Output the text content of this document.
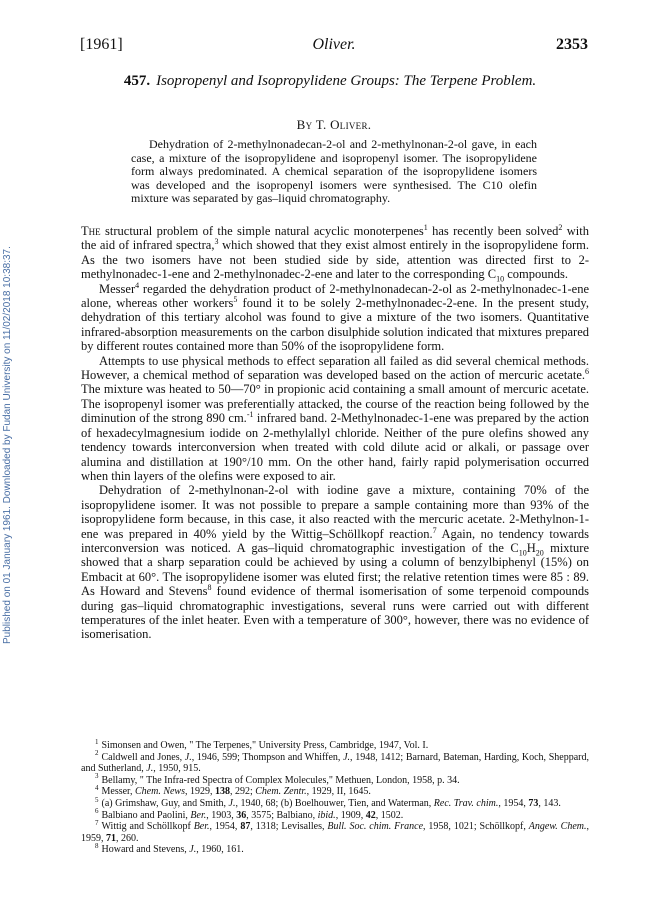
Published on 01 January 1961. Downloaded by Fudan University on 11/02/2018 10:38:37.
[1961]	Oliver.	2353
457. Isopropenyl and Isopropylidene Groups: The Terpene Problem.
By T. Oliver.

Dehydration of 2-methylnonadecan-2-ol and 2-methylnonan-2-ol gave, in each case, a mixture of the isopropylidene and isopropenyl isomer. The isopropylidene form always predominated. A chemical separation of the isopropylidene isomers was developed and the isopropenyl isomers were synthesised. The C10 olefin mixture was separated by gas–liquid chromatography.

The structural problem of the simple natural acyclic monoterpenes$^1$ has recently been solved$^2$ with the aid of infrared spectra,$^3$ which showed that they exist almost entirely in the isopropylidene form. As the two isomers have not been studied side by side, attention was directed first to 2-methylnonadec-1-ene and 2-methylnonadec-2-ene and later to the corresponding $C_{10}$ compounds.

Messer$^4$ regarded the dehydration product of 2-methylnonadecan-2-ol as 2-methylnonadec-1-ene alone, whereas other workers$^5$ found it to be solely 2-methylnonadec-2-ene. In the present study, dehydration of this tertiary alcohol was found to give a mixture of the two isomers. Quantitative infrared-absorption measurements on the carbon disulphide solution indicated that mixtures prepared by different routes contained more than 50% of the isopropylidene form.

Attempts to use physical methods to effect separation all failed as did several chemical methods. However, a chemical method of separation was developed based on the action of mercuric acetate.$^6$ The mixture was heated to 50—70° in propionic acid containing a small amount of mercuric acetate. The isopropenyl isomer was preferentially attacked, the course of the reaction being followed by the diminution of the strong 890 cm.$^{-1}$ infrared band. 2-Methylnonadec-1-ene was prepared by the action of hexadecylmagnesium iodide on 2-methylallyl chloride. Neither of the pure olefins showed any tendency towards interconversion when treated with cold dilute acid or alkali, or passage over alumina and distillation at 190°/10 mm. On the other hand, fairly rapid polymerisation occurred when thin layers of the olefins were exposed to air.

Dehydration of 2-methylnonan-2-ol with iodine gave a mixture, containing 70% of the isopropylidene isomer. It was not possible to prepare a sample containing more than 93% of the isopropylidene form because, in this case, it also reacted with the mercuric acetate. 2-Methylnon-1-ene was prepared in 40% yield by the Wittig–Schöllkopf reaction.$^7$ Again, no tendency towards interconversion was noticed. A gas–liquid chromatographic investigation of the $C_{10}H_{20}$ mixture showed that a sharp separation could be achieved by using a column of benzylbiphenyl (15%) on Embacit at 60°. The isopropylidene isomer was eluted first; the relative retention times were 85 : 89. As Howard and Stevens$^8$ found evidence of thermal isomerisation of some terpenoid compounds during gas–liquid chromatographic investigations, several runs were carried out with different temperatures of the inlet heater. Even with a temperature of 300°, however, there was no evidence of isomerisation.

$^1$ Simonsen and Owen, " The Terpenes," University Press, Cambridge, 1947, Vol. I.

$^2$ Caldwell and Jones, J., 1946, 599; Thompson and Whiffen, J., 1948, 1412; Barnard, Bateman, Harding, Koch, Sheppard, and Sutherland, J., 1950, 915.

$^3$ Bellamy, " The Infra-red Spectra of Complex Molecules," Methuen, London, 1958, p. 34.

$^4$ Messer, Chem. News, 1929, 138, 292; Chem. Zentr., 1929, II, 1645.

$^5$ (a) Grimshaw, Guy, and Smith, J., 1940, 68; (b) Boelhouwer, Tien, and Waterman, Rec. Trav. chim., 1954, 73, 143.

$^6$ Balbiano and Paolini, Ber., 1903, 36, 3575; Balbiano, ibid., 1909, 42, 1502.

$^7$ Wittig and Schöllkopf Ber., 1954, 87, 1318; Levisalles, Bull. Soc. chim. France, 1958, 1021; Schöllkopf, Angew. Chem., 1959, 71, 260.

$^8$ Howard and Stevens, J., 1960, 161.
